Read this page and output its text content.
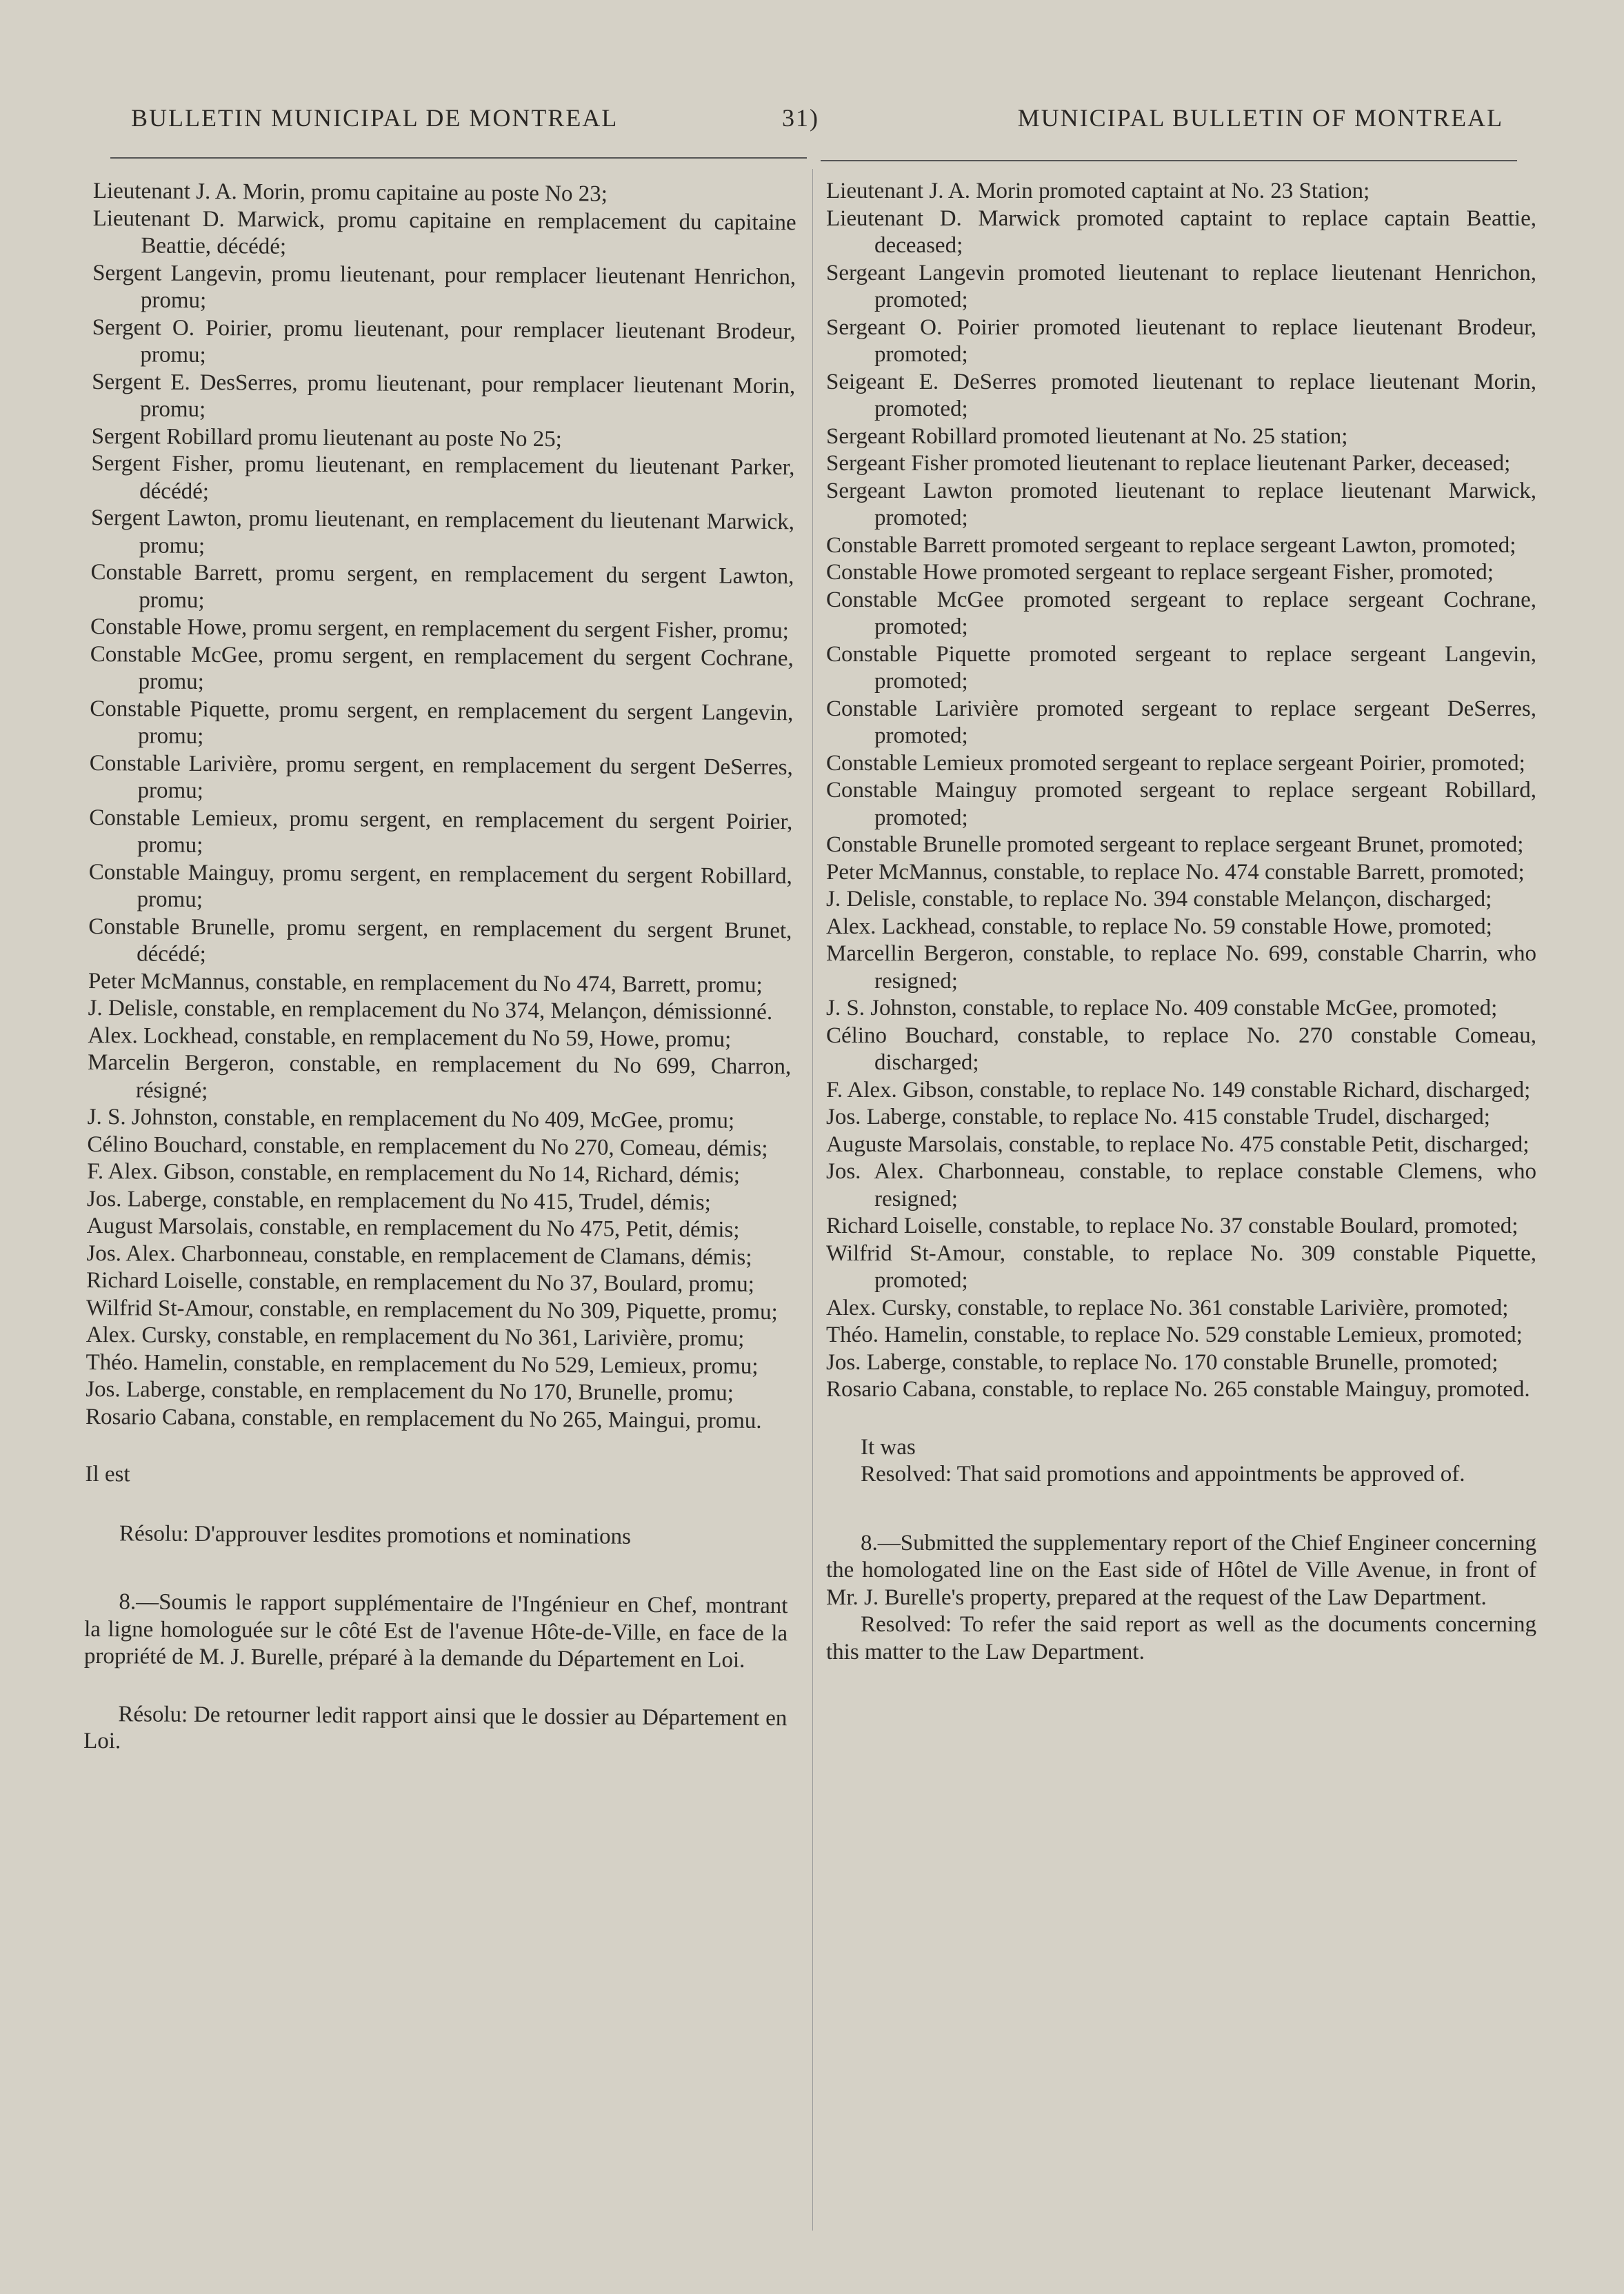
BULLETIN MUNICIPAL DE MONTREAL	31)	MUNICIPAL BULLETIN OF MONTREAL
Lieutenant J. A. Morin, promu capitaine au poste No 23;
Lieutenant D. Marwick, promu capitaine en remplacement du capitaine Beattie, décédé;
Sergent Langevin, promu lieutenant, pour remplacer lieutenant Henrichon, promu;
Sergent O. Poirier, promu lieutenant, pour remplacer lieutenant Brodeur, promu;
Sergent E. DesSerres, promu lieutenant, pour remplacer lieutenant Morin, promu;
Sergent Robillard promu lieutenant au poste No 25;
Sergent Fisher, promu lieutenant, en remplacement du lieutenant Parker, décédé;
Sergent Lawton, promu lieutenant, en remplacement du lieutenant Marwick, promu;
Constable Barrett, promu sergent, en remplacement du sergent Lawton, promu;
Constable Howe, promu sergent, en remplacement du sergent Fisher, promu;
Constable McGee, promu sergent, en remplacement du sergent Cochrane, promu;
Constable Piquette, promu sergent, en remplacement du sergent Langevin, promu;
Constable Larivière, promu sergent, en remplacement du sergent DeSerres, promu;
Constable Lemieux, promu sergent, en remplacement du sergent Poirier, promu;
Constable Mainguy, promu sergent, en remplacement du sergent Robillard, promu;
Constable Brunelle, promu sergent, en remplacement du sergent Brunet, décédé;
Peter McMannus, constable, en remplacement du No 474, Barrett, promu;
J. Delisle, constable, en remplacement du No 374, Melançon, démissionné.
Alex. Lockhead, constable, en remplacement du No 59, Howe, promu;
Marcelin Bergeron, constable, en remplacement du No 699, Charron, résigné;
J. S. Johnston, constable, en remplacement du No 409, McGee, promu;
Célino Bouchard, constable, en remplacement du No 270, Comeau, démis;
F. Alex. Gibson, constable, en remplacement du No 14, Richard, démis;
Jos. Laberge, constable, en remplacement du No 415, Trudel, démis;
August Marsolais, constable, en remplacement du No 475, Petit, démis;
Jos. Alex. Charbonneau, constable, en remplacement de Clamans, démis;
Richard Loiselle, constable, en remplacement du No 37, Boulard, promu;
Wilfrid St-Amour, constable, en remplacement du No 309, Piquette, promu;
Alex. Cursky, constable, en remplacement du No 361, Larivière, promu;
Théo. Hamelin, constable, en remplacement du No 529, Lemieux, promu;
Jos. Laberge, constable, en remplacement du No 170, Brunelle, promu;
Rosario Cabana, constable, en remplacement du No 265, Maingui, promu.
Il est
Résolu: D'approuver lesdites promotions et nominations
8.—Soumis le rapport supplémentaire de l'Ingénieur en Chef, montrant la ligne homologuée sur le côté Est de l'avenue Hôte-de-Ville, en face de la propriété de M. J. Burelle, préparé à la demande du Département en Loi.
Résolu: De retourner ledit rapport ainsi que le dossier au Département en Loi.
Lieutenant J. A. Morin promoted captaint at No. 23 Station;
Lieutenant D. Marwick promoted captaint to replace captain Beattie, deceased;
Sergeant Langevin promoted lieutenant to replace lieutenant Henrichon, promoted;
Sergeant O. Poirier promoted lieutenant to replace lieutenant Brodeur, promoted;
Seigeant E. DeSerres promoted lieutenant to replace lieutenant Morin, promoted;
Sergeant Robillard promoted lieutenant at No. 25 station;
Sergeant Fisher promoted lieutenant to replace lieutenant Parker, deceased;
Sergeant Lawton promoted lieutenant to replace lieutenant Marwick, promoted;
Constable Barrett promoted sergeant to replace sergeant Lawton, promoted;
Constable Howe promoted sergeant to replace sergeant Fisher, promoted;
Constable McGee promoted sergeant to replace sergeant Cochrane, promoted;
Constable Piquette promoted sergeant to replace sergeant Langevin, promoted;
Constable Larivière promoted sergeant to replace sergeant DeSerres, promoted;
Constable Lemieux promoted sergeant to replace sergeant Poirier, promoted;
Constable Mainguy promoted sergeant to replace sergeant Robillard, promoted;
Constable Brunelle promoted sergeant to replace sergeant Brunet, promoted;
Peter McMannus, constable, to replace No. 474 constable Barrett, promoted;
J. Delisle, constable, to replace No. 394 constable Melançon, discharged;
Alex. Lackhead, constable, to replace No. 59 constable Howe, promoted;
Marcellin Bergeron, constable, to replace No. 699, constable Charrin, who resigned;
J. S. Johnston, constable, to replace No. 409 constable McGee, promoted;
Célino Bouchard, constable, to replace No. 270 constable Comeau, discharged;
F. Alex. Gibson, constable, to replace No. 149 constable Richard, discharged;
Jos. Laberge, constable, to replace No. 415 constable Trudel, discharged;
Auguste Marsolais, constable, to replace No. 475 constable Petit, discharged;
Jos. Alex. Charbonneau, constable, to replace constable Clemens, who resigned;
Richard Loiselle, constable, to replace No. 37 constable Boulard, promoted;
Wilfrid St-Amour, constable, to replace No. 309 constable Piquette, promoted;
Alex. Cursky, constable, to replace No. 361 constable Larivière, promoted;
Théo. Hamelin, constable, to replace No. 529 constable Lemieux, promoted;
Jos. Laberge, constable, to replace No. 170 constable Brunelle, promoted;
Rosario Cabana, constable, to replace No. 265 constable Mainguy, promoted.
It was
Resolved: That said promotions and appointments be approved of.
8.—Submitted the supplementary report of the Chief Engineer concerning the homologated line on the East side of Hôtel de Ville Avenue, in front of Mr. J. Burelle's property, prepared at the request of the Law Department.
Resolved: To refer the said report as well as the documents concerning this matter to the Law Department.
